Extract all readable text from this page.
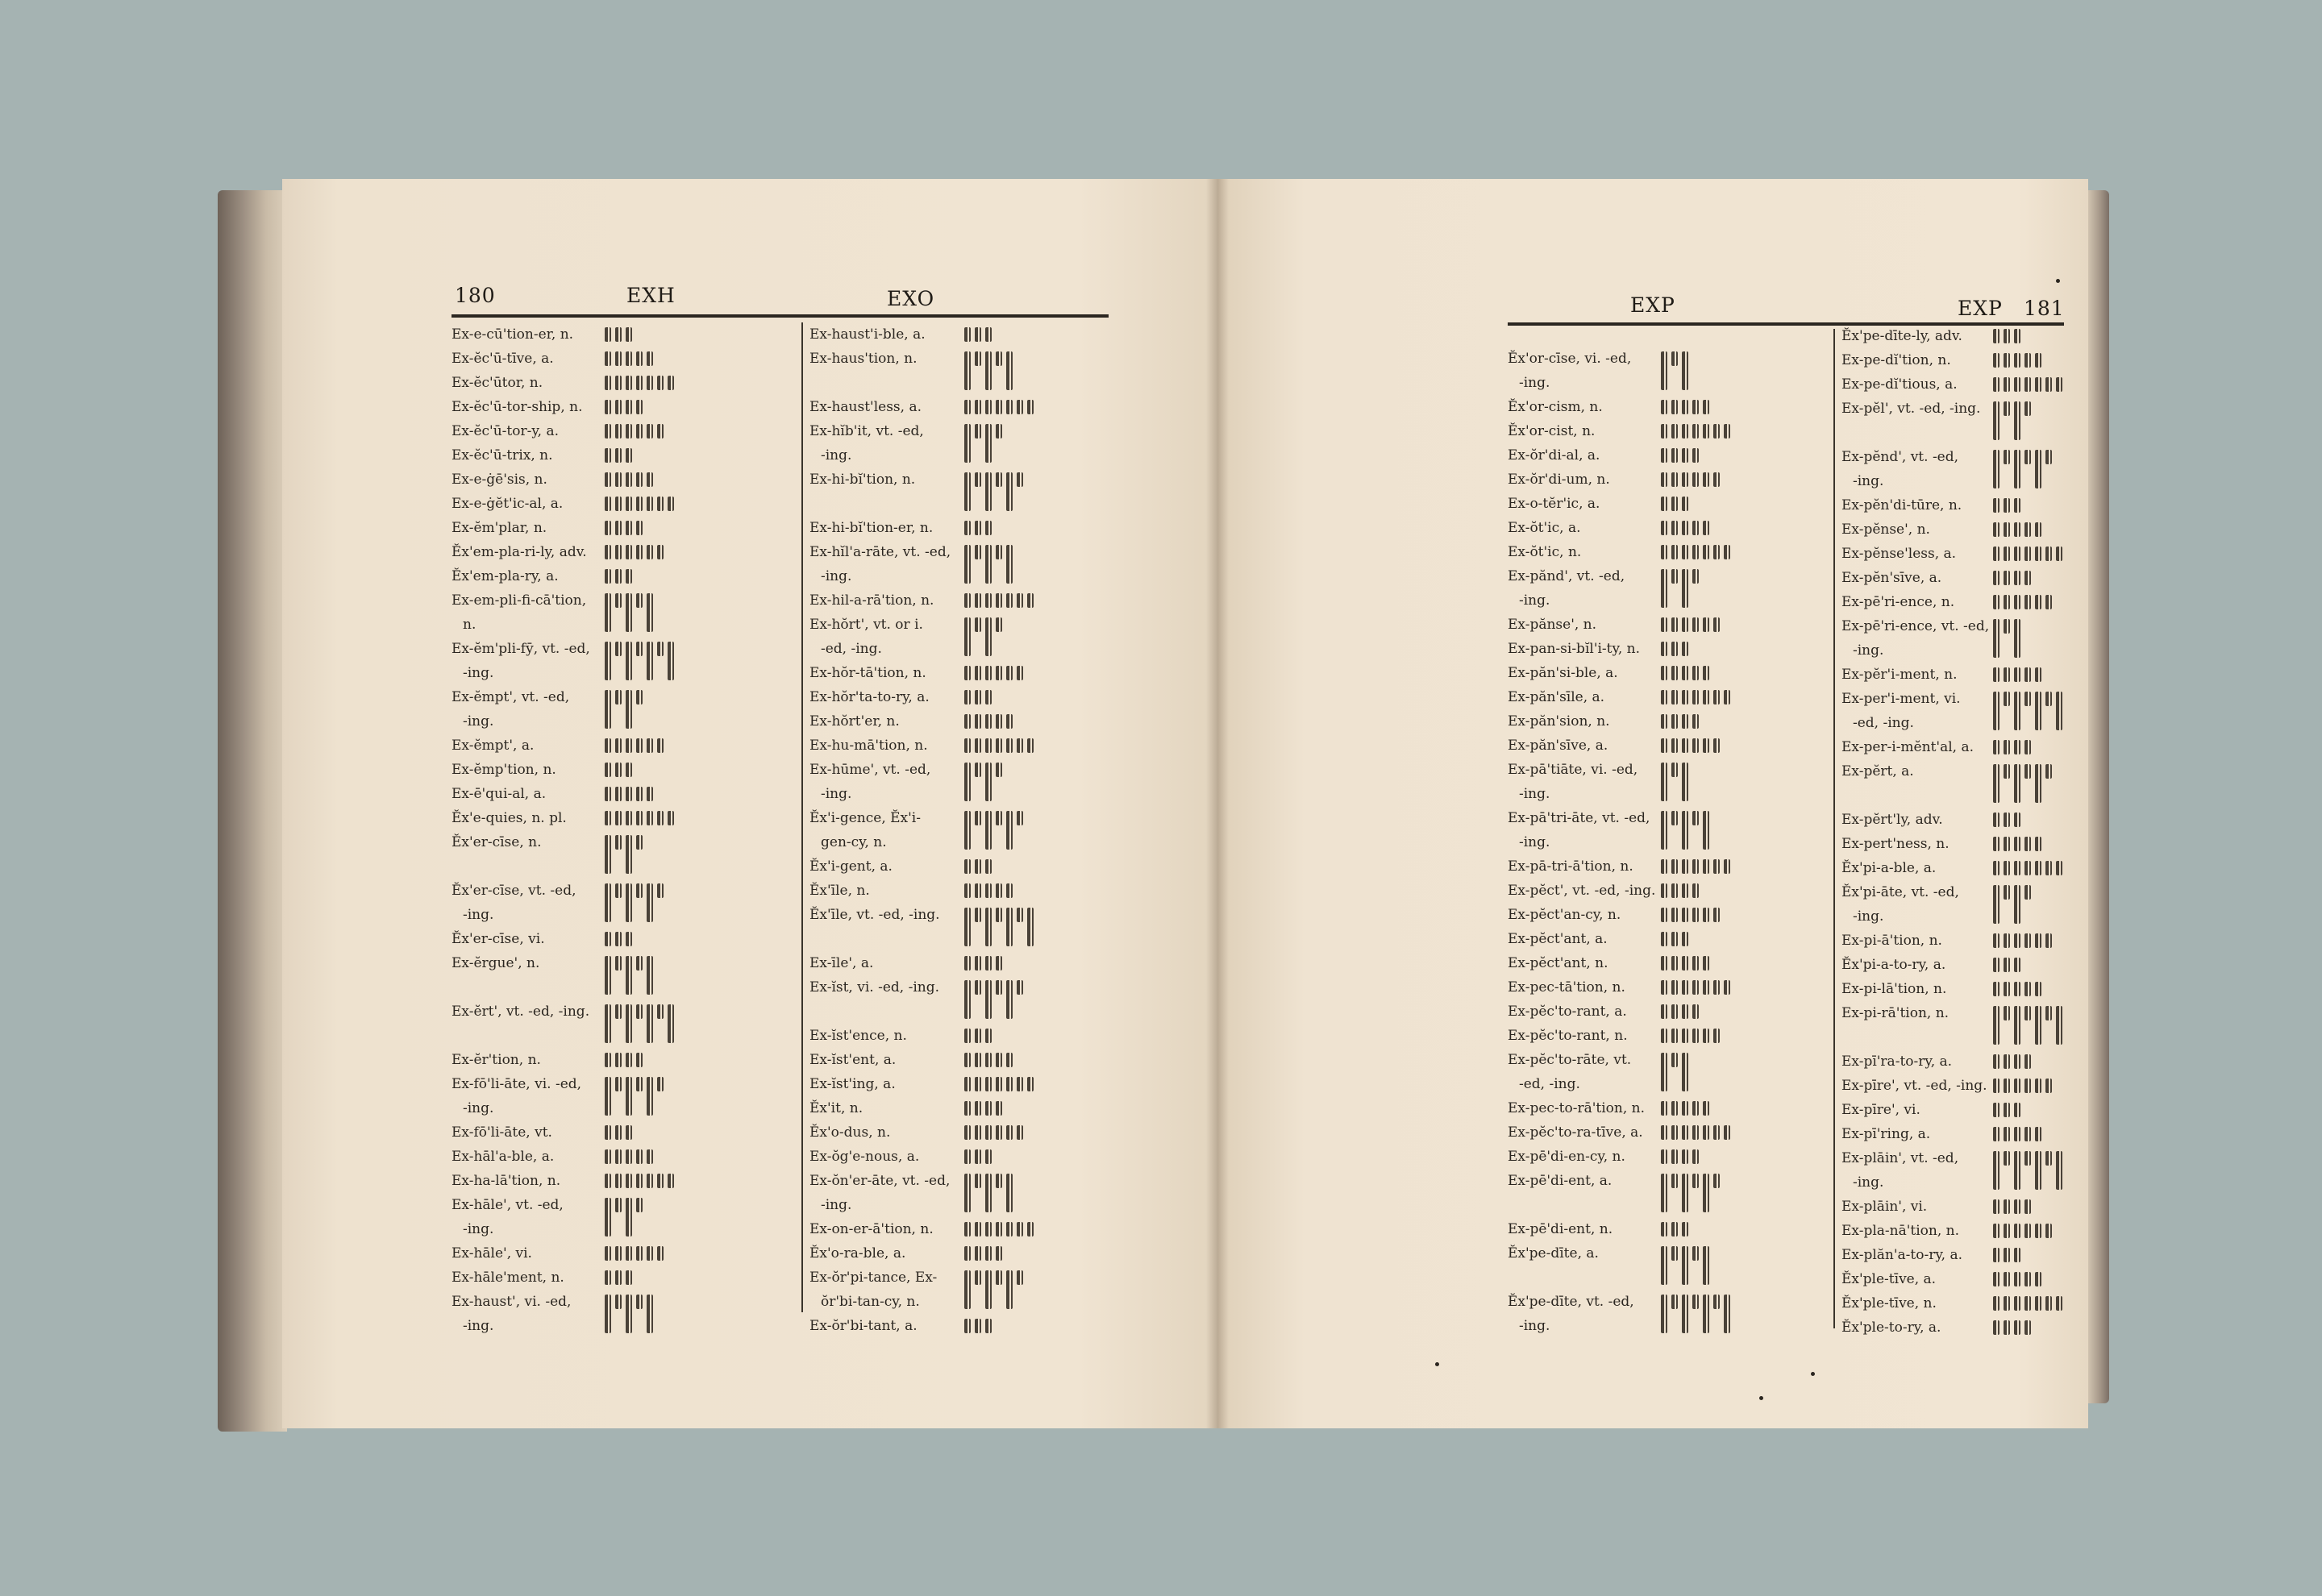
180	EXH	EXO
Ex-e-cū'tion-er, n.
Ex-ĕc'ū-tīve, a.
Ex-ĕc'ūtor, n.
Ex-ĕc'ū-tor-ship, n.
Ex-ĕc'ū-tor-y, a.
Ex-ĕc'ū-trix, n.
Ex-e-ġē'sis, n.
Ex-e-ġĕt'ic-al, a.
Ex-ĕm'plar, n.
Ĕx'em-pla-ri-ly, adv.
Ĕx'em-pla-ry, a.
Ex-em-pli-fi-cā'tion,
n.
Ex-ĕm'pli-fȳ, vt. -ed,
-ing.
Ex-ĕmpt', vt. -ed,
-ing.
Ex-ĕmpt', a.
Ex-ĕmp'tion, n.
Ex-ē'qui-al, a.
Ĕx'e-quies, n. pl.
Ĕx'er-cīse, n.
Ĕx'er-cīse, vt. -ed,
-ing.
Ĕx'er-cīse, vi.
Ex-ĕrgue', n.
Ex-ĕrt', vt. -ed, -ing.
Ex-ĕr'tion, n.
Ex-fō'li-āte, vi. -ed,
-ing.
Ex-fō'li-āte, vt.
Ex-hāl'a-ble, a.
Ex-ha-lā'tion, n.
Ex-hāle', vt. -ed,
-ing.
Ex-hāle', vi.
Ex-hāle'ment, n.
Ex-haust', vi. -ed,
-ing.
Ex-haust'i-ble, a.
Ex-haus'tion, n.
Ex-haust'less, a.
Ex-hĭb'it, vt. -ed,
-ing.
Ex-hi-bĭ'tion, n.
Ex-hi-bĭ'tion-er, n.
Ex-hĭl'a-rāte, vt. -ed,
-ing.
Ex-hil-a-rā'tion, n.
Ex-hŏrt', vt. or i.
-ed, -ing.
Ex-hŏr-tā'tion, n.
Ex-hŏr'ta-to-ry, a.
Ex-hŏrt'er, n.
Ex-hu-mā'tion, n.
Ex-hūme', vt. -ed,
-ing.
Ĕx'i-gence, Ĕx'i-
gen-cy, n.
Ĕx'i-gent, a.
Ĕx'īle, n.
Ĕx'īle, vt. -ed, -ing.
Ex-īle', a.
Ex-ĭst, vi. -ed, -ing.
Ex-ĭst'ence, n.
Ex-ĭst'ent, a.
Ex-ĭst'ing, a.
Ĕx'it, n.
Ĕx'o-dus, n.
Ex-ŏg'e-nous, a.
Ex-ŏn'er-āte, vt. -ed,
-ing.
Ex-on-er-ā'tion, n.
Ĕx'o-ra-ble, a.
Ex-ŏr'pi-tance, Ex-
ŏr'bi-tan-cy, n.
Ex-ŏr'bi-tant, a.
EXP	EXP 181
Ĕx'or-cīse, vi. -ed,
-ing.
Ĕx'or-cism, n.
Ĕx'or-cist, n.
Ex-ŏr'di-al, a.
Ex-ŏr'di-um, n.
Ex-o-tĕr'ic, a.
Ex-ŏt'ic, a.
Ex-ŏt'ic, n.
Ex-pănd', vt. -ed,
-ing.
Ex-pănse', n.
Ex-pan-si-bĭl'i-ty, n.
Ex-păn'si-ble, a.
Ex-păn'sīle, a.
Ex-păn'sion, n.
Ex-păn'sīve, a.
Ex-pā'tiāte, vi. -ed,
-ing.
Ex-pā'tri-āte, vt. -ed,
-ing.
Ex-pā-tri-ā'tion, n.
Ex-pĕct', vt. -ed, -ing.
Ex-pĕct'an-cy, n.
Ex-pĕct'ant, a.
Ex-pĕct'ant, n.
Ex-pec-tā'tion, n.
Ex-pĕc'to-rant, a.
Ex-pĕc'to-rant, n.
Ex-pĕc'to-rāte, vt.
-ed, -ing.
Ex-pec-to-rā'tion, n.
Ex-pĕc'to-ra-tīve, a.
Ex-pē'di-en-cy, n.
Ex-pē'di-ent, a.
Ex-pē'di-ent, n.
Ĕx'pe-dīte, a.
Ĕx'pe-dīte, vt. -ed,
-ing.
Ĕx'pe-dīte-ly, adv.
Ex-pe-dĭ'tion, n.
Ex-pe-dĭ'tious, a.
Ex-pĕl', vt. -ed, -ing.
Ex-pĕnd', vt. -ed,
-ing.
Ex-pĕn'di-tūre, n.
Ex-pĕnse', n.
Ex-pĕnse'less, a.
Ex-pĕn'sīve, a.
Ex-pē'ri-ence, n.
Ex-pē'ri-ence, vt. -ed,
-ing.
Ex-pĕr'i-ment, n.
Ex-per'i-ment, vi.
-ed, -ing.
Ex-per-i-mĕnt'al, a.
Ex-pĕrt, a.
Ex-pĕrt'ly, adv.
Ex-pert'ness, n.
Ĕx'pi-a-ble, a.
Ĕx'pi-āte, vt. -ed,
-ing.
Ex-pi-ā'tion, n.
Ĕx'pi-a-to-ry, a.
Ex-pi-lā'tion, n.
Ex-pi-rā'tion, n.
Ex-pī'ra-to-ry, a.
Ex-pīre', vt. -ed, -ing.
Ex-pīre', vi.
Ex-pī'ring, a.
Ex-plāin', vt. -ed,
-ing.
Ex-plāin', vi.
Ex-pla-nā'tion, n.
Ex-plăn'a-to-ry, a.
Ĕx'ple-tīve, a.
Ĕx'ple-tīve, n.
Ĕx'ple-to-ry, a.
